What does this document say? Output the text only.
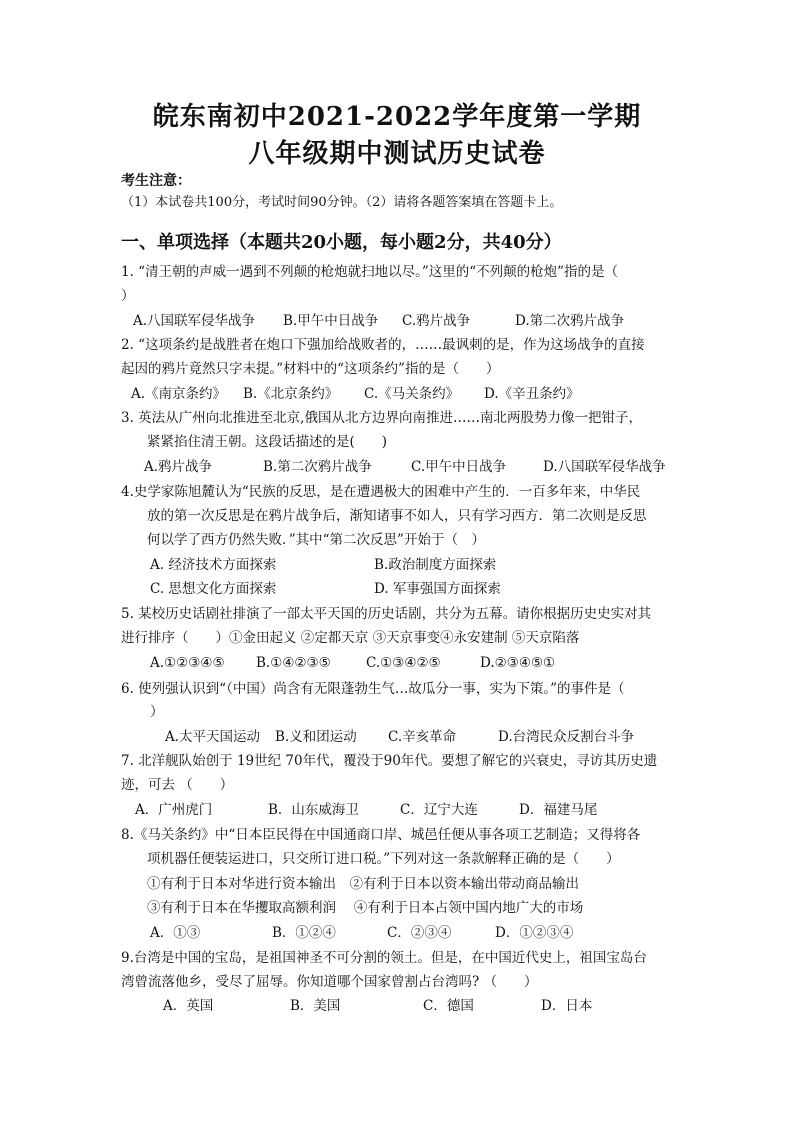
皖东南初中2021-2022学年度第一学期
八年级期中测试历史试卷
考生注意：
（1）本试卷共100分，考试时间90分钟。（2）请将各题答案填在答题卡上。
一、单项选择（本题共20小题，每小题2分，共40分）
1. “清王朝的声威一遇到不列颠的枪炮就扫地以尽。”这里的“不列颠的枪炮”指的是（
）
A.八国联军侵华战争 B.甲午中日战争 C.鸦片战争	D.第二次鸦片战争
2. “这项条约是战胜者在炮口下强加给战败者的，……最讽刺的是，作为这场战争的直接
起因的鸦片竟然只字未提。”材料中的“这项条约”指的是（　　）
A.《南京条约》 B.《北京条约》 C.《马关条约》 D.《辛丑条约》
3. 英法从广州向北推进至北京,俄国从北方边界向南推进……南北两股势力像一把钳子，
紧紧掐住清王朝。这段话描述的是(　　)
A.鸦片战争	B.第二次鸦片战争	C.甲午中日战争	D.八国联军侵华战争
4.史学家陈旭麓认为“民族的反思，是在遭遇极大的困难中产生的．一百多年来，中华民
放的第一次反思是在鸦片战争后，渐知诸事不如人，只有学习西方．第二次则是反思
何以学了西方仍然失败．”其中“第二次反思”开始于（　）
A. 经济技术方面探索	B.政治制度方面探索
C. 思想文化方面探索	D. 军事强国方面探索
5. 某校历史话剧社排演了一部太平天国的历史话剧，共分为五幕。请你根据历史史实对其
进行排序（　　）①金田起义 ②定都天京 ③天京事变④永安建制 ⑤天京陷落
A.①②③④⑤ B.①④②③⑤	C.①③④②⑤	D.②③④⑤①
6. 使列强认识到“（中国）尚含有无限蓬勃生气…故瓜分一事，实为下策。”的事件是（
）
A.太平天国运动 B.义和团运动 C.辛亥革命	D.台湾民众反割台斗争
7. 北洋舰队始创于 19世纪 70年代，覆没于90年代。要想了解它的兴衰史，寻访其历史遗
迹，可去 （　　）
A．广州虎门	B．山东威海卫	C．辽宁大连	D．福建马尾
8.《马关条约》中“日本臣民得在中国通商口岸、城邑任便从事各项工艺制造；又得将各
项机器任便装运进口，只交所订进口税。”下列对这一条款解释正确的是（　　）
①有利于日本对华进行资本输出　②有利于日本以资本输出带动商品输出
③有利于日本在华攫取高额利润　 ④有利于日本占领中国内地广大的市场
A．①③	B．①②④	C．②③④	D．①②③④
9.台湾是中国的宝岛，是祖国神圣不可分割的领土。但是，在中国近代史上，祖国宝岛台
湾曾流落他乡，受尽了屈辱。你知道哪个国家曾割占台湾吗? （　　）
A．英国	B．美国	C．德国	D．日本
